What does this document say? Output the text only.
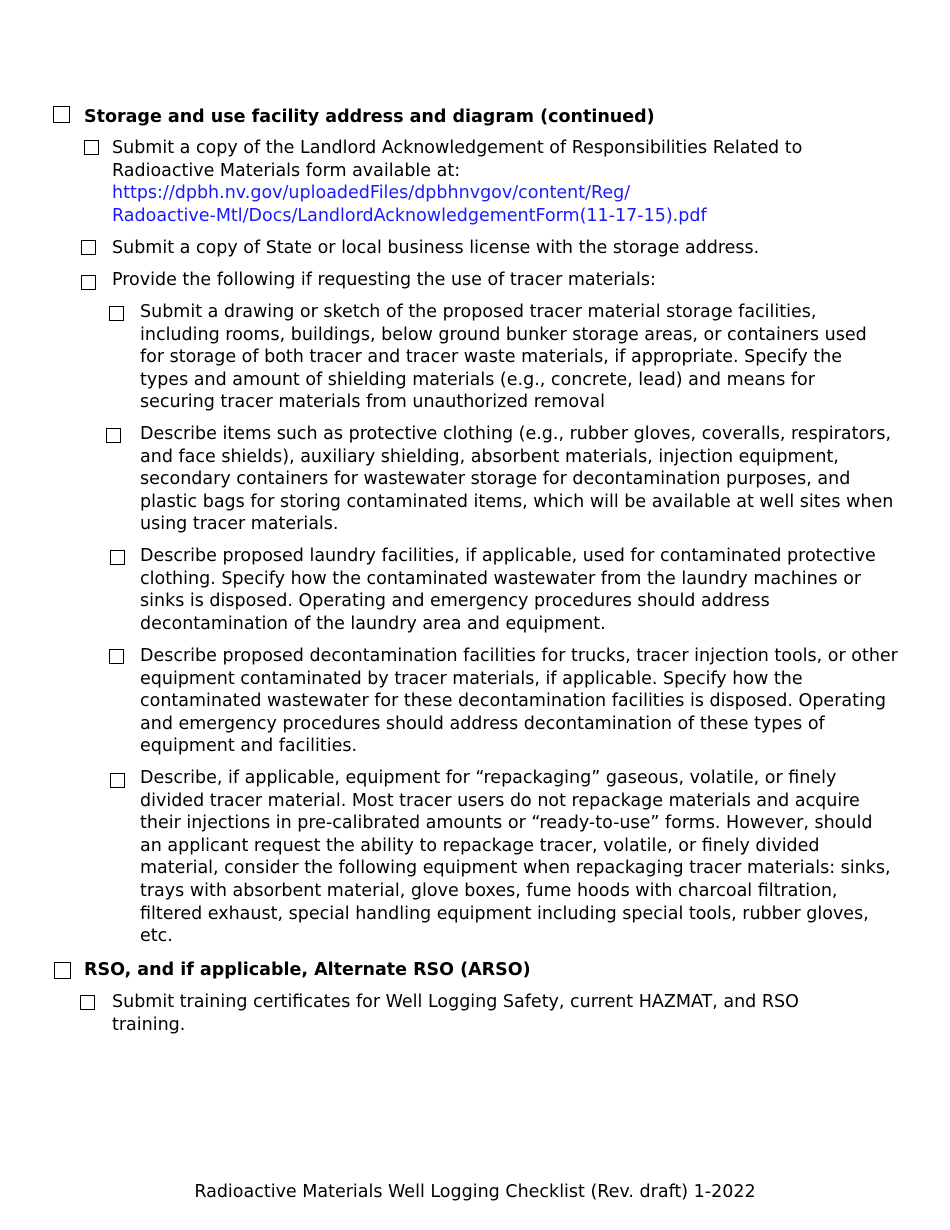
Storage and use facility address and diagram (continued)
Submit a copy of the Landlord Acknowledgement of Responsibilities Related to Radioactive Materials form available at:
https://dpbh.nv.gov/uploadedFiles/dpbhnvgov/content/Reg/
Radoactive-Mtl/Docs/LandlordAcknowledgementForm(11-17-15).pdf
Submit a copy of State or local business license with the storage address.
Provide the following if requesting the use of tracer materials:
Submit a drawing or sketch of the proposed tracer material storage facilities, including rooms, buildings, below ground bunker storage areas, or containers used for storage of both tracer and tracer waste materials, if appropriate. Specify the types and amount of shielding materials (e.g., concrete, lead) and means for securing tracer materials from unauthorized removal
Describe items such as protective clothing (e.g., rubber gloves, coveralls, respirators, and face shields), auxiliary shielding, absorbent materials, injection equipment, secondary containers for wastewater storage for decontamination purposes, and plastic bags for storing contaminated items, which will be available at well sites when using tracer materials.
Describe proposed laundry facilities, if applicable, used for contaminated protective clothing. Specify how the contaminated wastewater from the laundry machines or sinks is disposed. Operating and emergency procedures should address decontamination of the laundry area and equipment.
Describe proposed decontamination facilities for trucks, tracer injection tools, or other equipment contaminated by tracer materials, if applicable. Specify how the contaminated wastewater for these decontamination facilities is disposed. Operating and emergency procedures should address decontamination of these types of equipment and facilities.
Describe, if applicable, equipment for “repackaging” gaseous, volatile, or finely divided tracer material. Most tracer users do not repackage materials and acquire their injections in pre-calibrated amounts or “ready-to-use” forms. However, should an applicant request the ability to repackage tracer, volatile, or finely divided material, consider the following equipment when repackaging tracer materials: sinks, trays with absorbent material, glove boxes, fume hoods with charcoal filtration, filtered exhaust, special handling equipment including special tools, rubber gloves, etc.
RSO, and if applicable, Alternate RSO (ARSO)
Submit training certificates for Well Logging Safety, current HAZMAT, and RSO training.
Radioactive Materials Well Logging Checklist (Rev. draft) 1-2022
